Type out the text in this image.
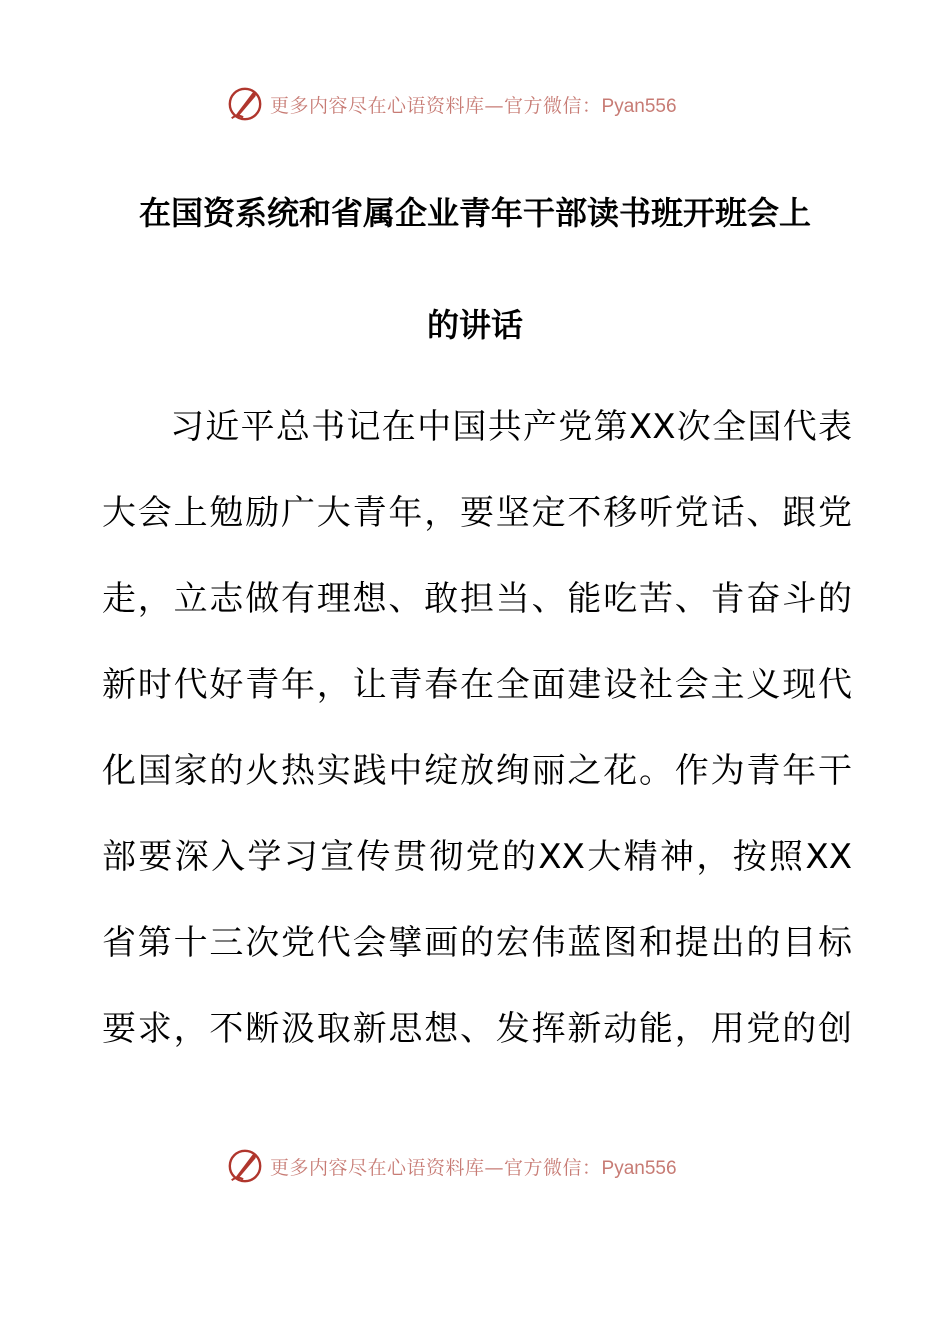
更多内容尽在心语资料库—官方微信：Pyan556
在国资系统和省属企业青年干部读书班开班会上
的讲话
习近平总书记在中国共产党第XX次全国代表
大会上勉励广大青年，要坚定不移听党话、跟党
走，立志做有理想、敢担当、能吃苦、肯奋斗的
新时代好青年，让青春在全面建设社会主义现代
化国家的火热实践中绽放绚丽之花。作为青年干
部要深入学习宣传贯彻党的XX大精神，按照XX
省第十三次党代会擘画的宏伟蓝图和提出的目标
要求，不断汲取新思想、发挥新动能，用党的创
更多内容尽在心语资料库—官方微信：Pyan556
